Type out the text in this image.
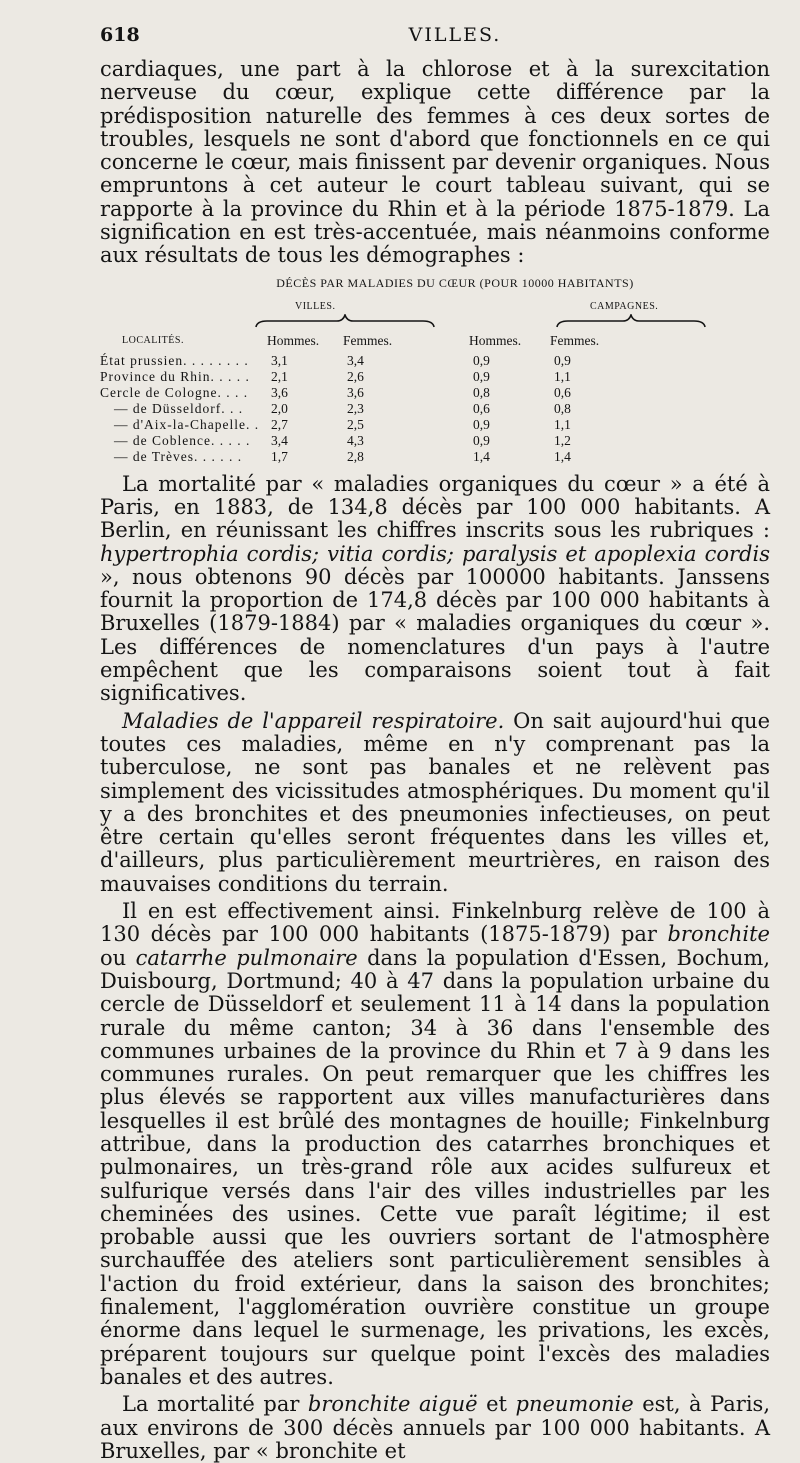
618	VILLES.

cardiaques, une part à la chlorose et à la surexcitation nerveuse du cœur, explique cette différence par la prédisposition naturelle des femmes à ces deux sortes de troubles, lesquels ne sont d'abord que fonctionnels en ce qui concerne le cœur, mais finissent par devenir organiques. Nous empruntons à cet auteur le court tableau suivant, qui se rapporte à la province du Rhin et à la période 1875-1879. La signification en est très-accentuée, mais néanmoins conforme aux résultats de tous les démographes :

DÉCÈS PAR MALADIES DU CŒUR (POUR 10000 HABITANTS)
VILLES.	CAMPAGNES.
LOCALITÉS.	Hommes.	Femmes.	Hommes.	Femmes.
État prussien. . . . . . . .	3,1	3,4	0,9	0,9
Province du Rhin. . . . .	2,1	2,6	0,9	1,1
Cercle de Cologne. . . .	3,6	3,6	0,8	0,6
— de Düsseldorf. . .	2,0	2,3	0,6	0,8
— d'Aix-la-Chapelle. .	2,7	2,5	0,9	1,1
— de Coblence. . . . .	3,4	4,3	0,9	1,2
— de Trèves. . . . . .	1,7	2,8	1,4	1,4

La mortalité par « maladies organiques du cœur » a été à Paris, en 1883, de 134,8 décès par 100 000 habitants. A Berlin, en réunissant les chiffres inscrits sous les rubriques : hypertrophia cordis; vitia cordis; paralysis et apoplexia cordis », nous obtenons 90 décès par 100000 habitants. Janssens fournit la proportion de 174,8 décès par 100 000 habitants à Bruxelles (1879-1884) par « maladies organiques du cœur ». Les différences de nomenclatures d'un pays à l'autre empêchent que les comparaisons soient tout à fait significatives.

Maladies de l'appareil respiratoire. On sait aujourd'hui que toutes ces maladies, même en n'y comprenant pas la tuberculose, ne sont pas banales et ne relèvent pas simplement des vicissitudes atmosphériques. Du moment qu'il y a des bronchites et des pneumonies infectieuses, on peut être certain qu'elles seront fréquentes dans les villes et, d'ailleurs, plus particulièrement meurtrières, en raison des mauvaises conditions du terrain.

Il en est effectivement ainsi. Finkelnburg relève de 100 à 130 décès par 100 000 habitants (1875-1879) par bronchite ou catarrhe pulmonaire dans la population d'Essen, Bochum, Duisbourg, Dortmund; 40 à 47 dans la population urbaine du cercle de Düsseldorf et seulement 11 à 14 dans la population rurale du même canton; 34 à 36 dans l'ensemble des communes urbaines de la province du Rhin et 7 à 9 dans les communes rurales. On peut remarquer que les chiffres les plus élevés se rapportent aux villes manufacturières dans lesquelles il est brûlé des montagnes de houille; Finkelnburg attribue, dans la production des catarrhes bronchiques et pulmonaires, un très-grand rôle aux acides sulfureux et sulfurique versés dans l'air des villes industrielles par les cheminées des usines. Cette vue paraît légitime; il est probable aussi que les ouvriers sortant de l'atmosphère surchauffée des ateliers sont particulièrement sensibles à l'action du froid extérieur, dans la saison des bronchites; finalement, l'agglomération ouvrière constitue un groupe énorme dans lequel le surmenage, les privations, les excès, préparent toujours sur quelque point l'excès des maladies banales et des autres.

La mortalité par bronchite aiguë et pneumonie est, à Paris, aux environs de 300 décès annuels par 100 000 habitants. A Bruxelles, par « bronchite et
